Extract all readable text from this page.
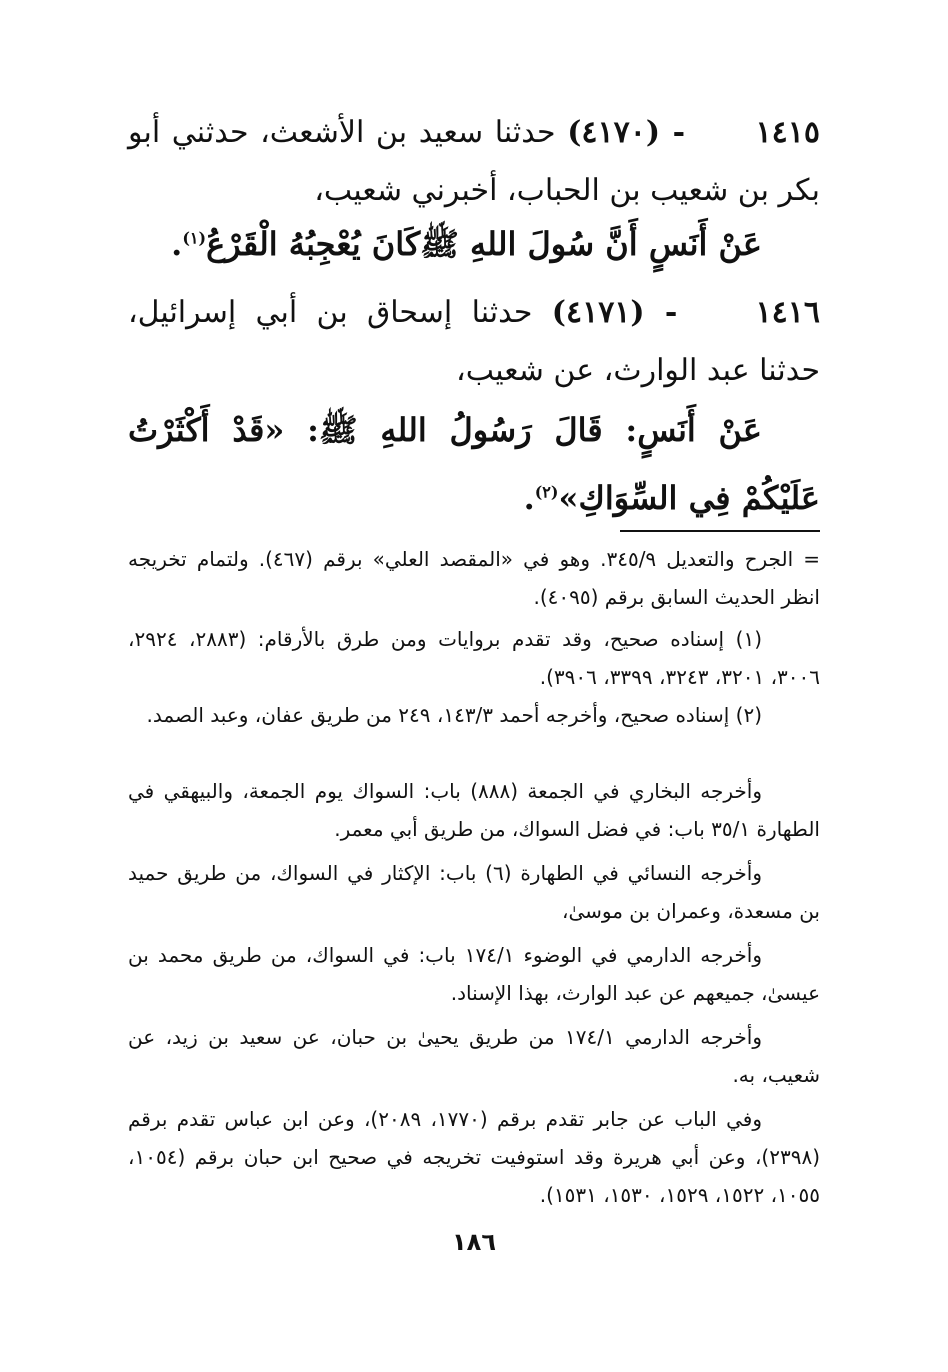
١٤١٥ - (٤١٧٠) حدثنا سعيد بن الأشعث، حدثني أبو بكر بن شعيب بن الحباب، أخبرني شعيب،
عَنْ أَنَسٍ أَنَّ سُولَ اللهِ ﷺكَانَ يُعْجِبُهُ الْقَرْعُ$^{(١)}$.
١٤١٦ - (٤١٧١) حدثنا إسحاق بن أبي إسرائيل، حدثنا عبد الوارث، عن شعيب،
عَنْ أَنَسٍ: قَالَ رَسُولُ اللهِ ﷺ: «قَدْ أَكْثَرْتُ عَلَيْكُمْ فِي السِّوَاكِ»$^{(٢)}$.
= الجرح والتعديل ٣٤٥/٩. وهو في «المقصد العلي» برقم (٤٦٧). ولتمام تخريجه انظر الحديث السابق برقم (٤٠٩٥).
(١) إسناده صحيح، وقد تقدم بروايات ومن طرق بالأرقام: (٢٨٨٣، ٢٩٢٤، ٣٠٠٦، ٣٢٠١، ٣٢٤٣، ٣٣٩٩، ٣٩٠٦).
(٢) إسناده صحيح، وأخرجه أحمد ١٤٣/٣، ٢٤٩ من طريق عفان، وعبد الصمد.
وأخرجه البخاري في الجمعة (٨٨٨) باب: السواك يوم الجمعة، والبيهقي في الطهارة ٣٥/١ باب: في فضل السواك، من طريق أبي معمر.
وأخرجه النسائي في الطهارة (٦) باب: الإكثار في السواك، من طريق حميد بن مسعدة، وعمران بن موسىٰ،
وأخرجه الدارمي في الوضوء ١٧٤/١ باب: في السواك، من طريق محمد بن عيسىٰ، جميعهم عن عبد الوارث، بهذا الإسناد.
وأخرجه الدارمي ١٧٤/١ من طريق يحيىٰ بن حبان، عن سعيد بن زيد، عن شعيب، به.
وفي الباب عن جابر تقدم برقم (١٧٧٠، ٢٠٨٩)، وعن ابن عباس تقدم برقم (٢٣٩٨)، وعن أبي هريرة وقد استوفيت تخريجه في صحيح ابن حبان برقم (١٠٥٤، ١٠٥٥، ١٥٢٢، ١٥٢٩، ١٥٣٠، ١٥٣١).
١٨٦
